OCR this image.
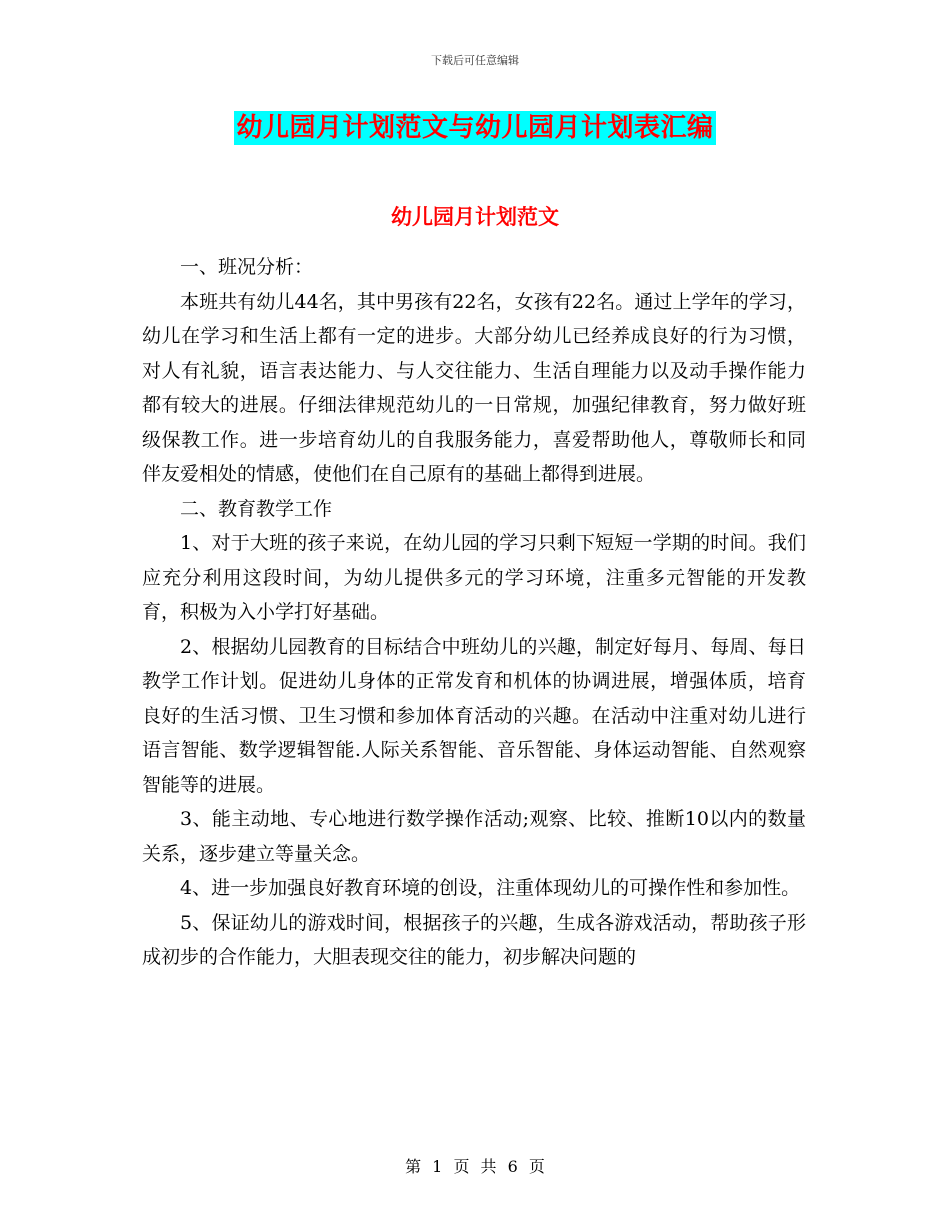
下载后可任意编辑
幼儿园月计划范文与幼儿园月计划表汇编
幼儿园月计划范文

一、班况分析：

本班共有幼儿44名，其中男孩有22名，女孩有22名。通过上学年的学习，幼儿在学习和生活上都有一定的进步。大部分幼儿已经养成良好的行为习惯，对人有礼貌，语言表达能力、与人交往能力、生活自理能力以及动手操作能力都有较大的进展。仔细法律规范幼儿的一日常规，加强纪律教育，努力做好班级保教工作。进一步培育幼儿的自我服务能力，喜爱帮助他人，尊敬师长和同伴友爱相处的情感，使他们在自己原有的基础上都得到进展。

二、教育教学工作

1、对于大班的孩子来说，在幼儿园的学习只剩下短短一学期的时间。我们应充分利用这段时间，为幼儿提供多元的学习环境，注重多元智能的开发教育，积极为入小学打好基础。

2、根据幼儿园教育的目标结合中班幼儿的兴趣，制定好每月、每周、每日教学工作计划。促进幼儿身体的正常发育和机体的协调进展，增强体质，培育良好的生活习惯、卫生习惯和参加体育活动的兴趣。在活动中注重对幼儿进行语言智能、数学逻辑智能.人际关系智能、音乐智能、身体运动智能、自然观察智能等的进展。

3、能主动地、专心地进行数学操作活动;观察、比较、推断10以内的数量关系，逐步建立等量关念。

4、进一步加强良好教育环境的创设，注重体现幼儿的可操作性和参加性。

5、保证幼儿的游戏时间，根据孩子的兴趣，生成各游戏活动，帮助孩子形成初步的合作能力，大胆表现交往的能力，初步解决问题的

第 1 页 共 6 页
